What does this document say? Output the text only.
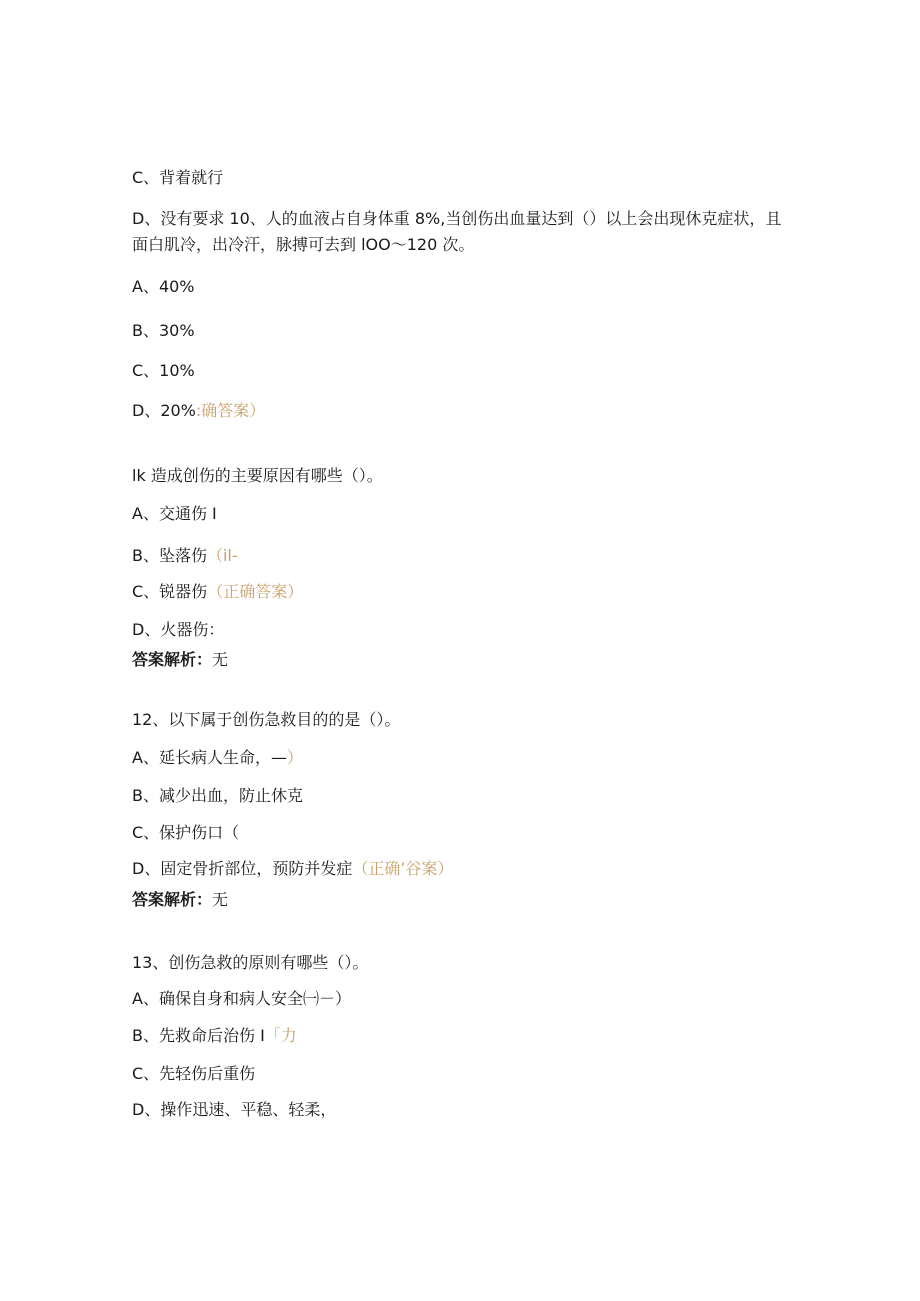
C、背着就行
D、没有要求 10、人的血液占自身体重 8%,当创伤出血量达到（）以上会出现休克症状，且面白肌冷，出冷汗，脉搏可去到 lOO～120 次。
A、40%
B、30%
C、10%
D、20%:确答案）
lk 造成创伤的主要原因有哪些（）。
A、交通伤 I
B、坠落伤（il-
C、锐器伤（正确答案）
D、火器伤：
答案解析：无
12、以下属于创伤急救目的的是（）。
A、延长病人生命，—）
B、减少出血，防止休克
C、保护伤口（
D、固定骨折部位，预防并发症（正确’谷案）
答案解析：无
13、创伤急救的原则有哪些（）。
A、确保自身和病人安全㈠－）
B、先救命后治伤 I「力
C、先轻伤后重伤
D、操作迅速、平稳、轻柔，
